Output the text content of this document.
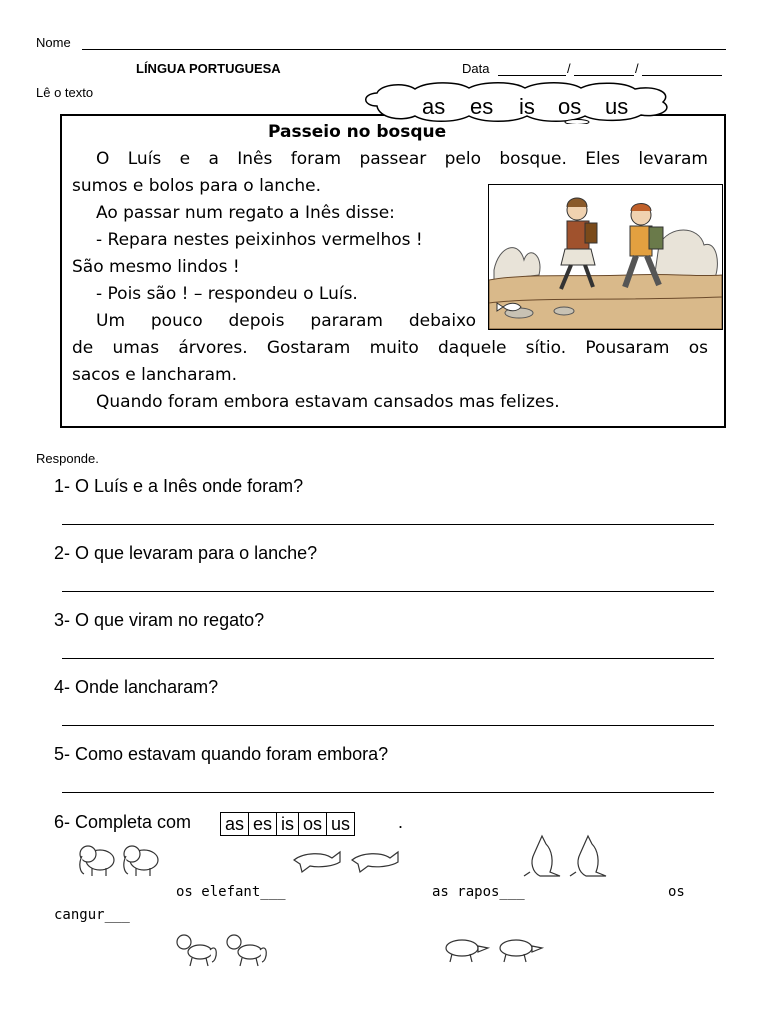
Nome
LÍNGUA PORTUGUESA	Data	/	/
Lê o texto
as es is os us
Passeio no bosque
O Luís e a Inês foram passear pelo bosque. Eles levaram
sumos e bolos para o lanche.
Ao passar num regato a Inês disse:
- Repara nestes peixinhos vermelhos !
São mesmo lindos !
- Pois são ! – respondeu o Luís.
Um pouco depois pararam debaixo
de umas árvores. Gostaram muito daquele sítio. Pousaram os
sacos e lancharam.
Quando foram embora estavam cansados mas felizes.
Responde.
1- O Luís e a Inês onde foram?
2- O que levaram para o lanche?
3- O que viram no regato?
4- Onde lancharam?
5- Como estavam quando foram embora?
6- Completa com as es is os us	.
os elefant___	as rapos___	os
cangur___
